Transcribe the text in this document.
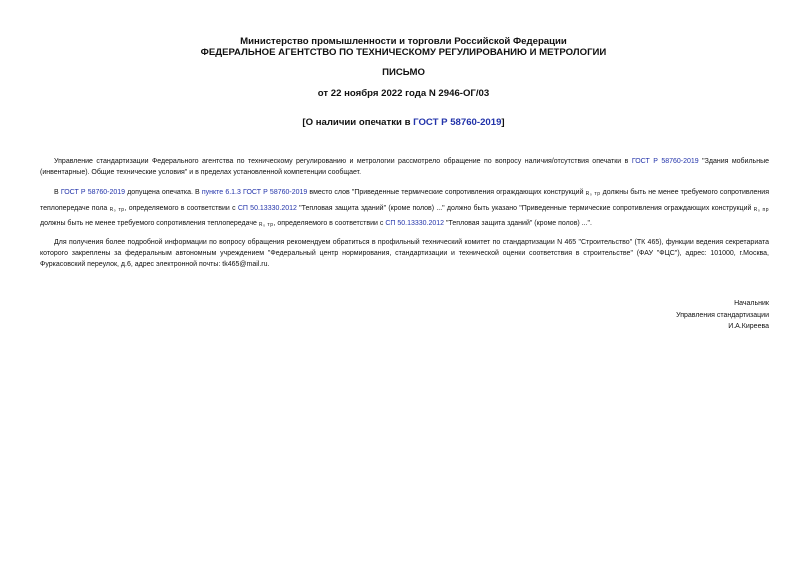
Министерство промышленности и торговли Российской Федерации
ФЕДЕРАЛЬНОЕ АГЕНТСТВО ПО ТЕХНИЧЕСКОМУ РЕГУЛИРОВАНИЮ И МЕТРОЛОГИИ
ПИСЬМО
от 22 ноября 2022 года N 2946-ОГ/03
[О наличии опечатки в ГОСТ Р 58760-2019]
Управление стандартизации Федерального агентства по техническому регулированию и метрологии рассмотрело обращение по вопросу наличия/отсутствия опечатки в ГОСТ Р 58760-2019 "Здания мобильные (инвентарные). Общие технические условия" и в пределах установленной компетенции сообщает.
В ГОСТ Р 58760-2019 допущена опечатка. В пункте 6.1.3 ГОСТ Р 58760-2019 вместо слов "Приведенные термические сопротивления ограждающих конструкций R₀ тр должны быть не менее требуемого сопротивления теплопередаче пола R₀ тр, определяемого в соответствии с СП 50.13330.2012 "Тепловая защита зданий" (кроме полов) ..." должно быть указано "Приведенные термические сопротивления ограждающих конструкций R₀ пр должны быть не менее требуемого сопротивления теплопередаче R₀ тр, определяемого в соответствии с СП 50.13330.2012 "Тепловая защита зданий" (кроме полов) ...".
Для получения более подробной информации по вопросу обращения рекомендуем обратиться в профильный технический комитет по стандартизации N 465 "Строительство" (ТК 465), функции ведения секретариата которого закреплены за федеральным автономным учреждением "Федеральный центр нормирования, стандартизации и технической оценки соответствия в строительстве" (ФАУ "ФЦС"), адрес: 101000, г.Москва, Фуркасовский переулок, д.6, адрес электронной почты: tk465@mail.ru.
Начальник
Управления стандартизации
И.А.Киреева
